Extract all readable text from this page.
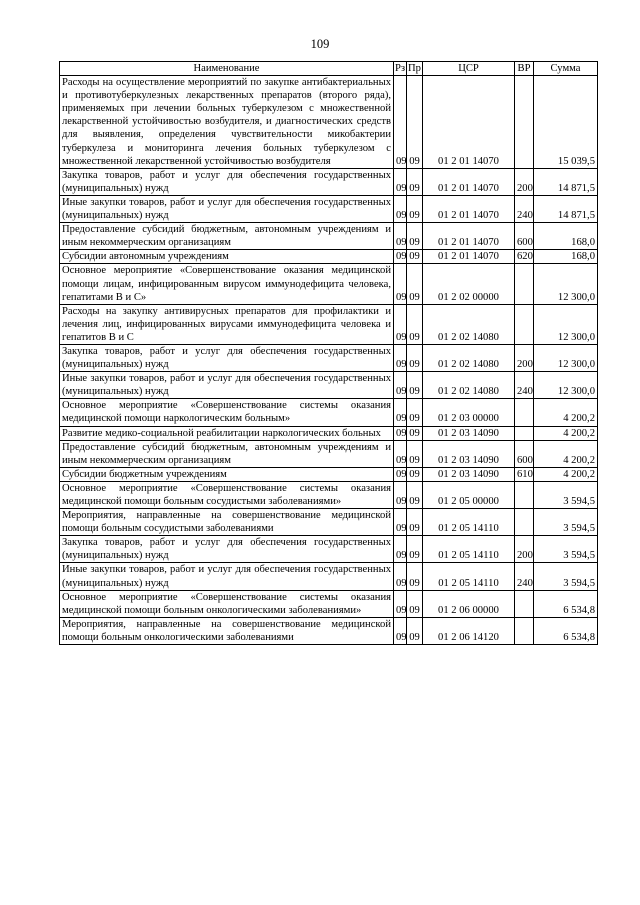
109
Наименование	Рз	Пр	ЦСР	ВР	Сумма
Расходы на осуществление мероприятий по закупке антибактериальных и противотуберкулезных лекарственных препаратов (второго ряда), применяемых при лечении больных туберкулезом с множественной лекарственной устойчивостью возбудителя, и диагностических средств для выявления, определения чувствительности микобактерии туберкулеза и мониторинга лечения больных туберкулезом с множественной лекарственной устойчивостью возбудителя	09	09	01 2 01 14070		15 039,5
Закупка товаров, работ и услуг для обеспечения государственных (муниципальных) нужд	09	09	01 2 01 14070	200	14 871,5
Иные закупки товаров, работ и услуг для обеспечения государственных (муниципальных) нужд	09	09	01 2 01 14070	240	14 871,5
Предоставление субсидий бюджетным, автономным учреждениям и иным некоммерческим организациям	09	09	01 2 01 14070	600	168,0
Субсидии автономным учреждениям	09	09	01 2 01 14070	620	168,0
Основное мероприятие «Совершенствование оказания медицинской помощи лицам, инфицированным вирусом иммунодефицита человека, гепатитами В и С»	09	09	01 2 02 00000		12 300,0
Расходы на закупку антивирусных препаратов для профилактики и лечения лиц, инфицированных вирусами иммунодефицита человека и гепатитов В и С	09	09	01 2 02 14080		12 300,0
Закупка товаров, работ и услуг для обеспечения государственных (муниципальных) нужд	09	09	01 2 02 14080	200	12 300,0
Иные закупки товаров, работ и услуг для обеспечения государственных (муниципальных) нужд	09	09	01 2 02 14080	240	12 300,0
Основное мероприятие «Совершенствование системы оказания медицинской помощи наркологическим больным»	09	09	01 2 03 00000		4 200,2
Развитие медико-социальной реабилитации наркологических больных	09	09	01 2 03 14090		4 200,2
Предоставление субсидий бюджетным, автономным учреждениям и иным некоммерческим организациям	09	09	01 2 03 14090	600	4 200,2
Субсидии бюджетным учреждениям	09	09	01 2 03 14090	610	4 200,2
Основное мероприятие «Совершенствование системы оказания медицинской помощи больным сосудистыми заболеваниями»	09	09	01 2 05 00000		3 594,5
Мероприятия, направленные на совершенствование медицинской помощи больным сосудистыми заболеваниями	09	09	01 2 05 14110		3 594,5
Закупка товаров, работ и услуг для обеспечения государственных (муниципальных) нужд	09	09	01 2 05 14110	200	3 594,5
Иные закупки товаров, работ и услуг для обеспечения государственных (муниципальных) нужд	09	09	01 2 05 14110	240	3 594,5
Основное мероприятие «Совершенствование системы оказания медицинской помощи больным онкологическими заболеваниями»	09	09	01 2 06 00000		6 534,8
Мероприятия, направленные на совершенствование медицинской помощи больным онкологическими заболеваниями	09	09	01 2 06 14120		6 534,8
